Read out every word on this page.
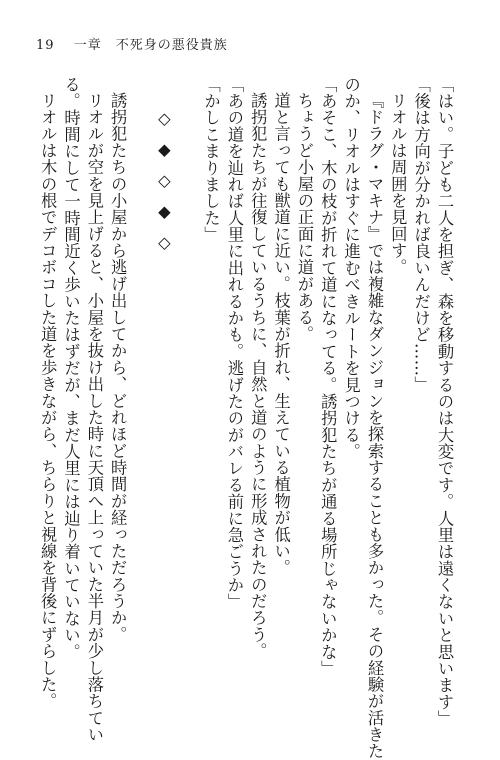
19 一章　不死身の悪役貴族
「はい。子ども二人を担ぎ、森を移動するのは大変です。人里は遠くないと思います」
「後は方向が分かれば良いんだけど……」
リオルは周囲を見回す。
『ドラグ・マキナ』では複雑なダンジョンを探索することも多かった。その経験が活きた
のか、リオルはすぐに進むべきルートを見つける。
「あそこ、木の枝が折れて道になってる。誘拐犯たちが通る場所じゃないかな」
ちょうど小屋の正面に道がある。
道と言っても獣道に近い。枝葉が折れ、生えている植物が低い。
誘拐犯たちが往復しているうちに、自然と道のように形成されたのだろう。
「あの道を辿れば人里に出れるかも。逃げたのがバレる前に急ごうか」
「かしこまりました」

◇◆◇◆◇

誘拐犯たちの小屋から逃げ出してから、どれほど時間が経っただろうか。
リオルが空を見上げると、小屋を抜け出した時に天頂へ上っていた半月が少し落ちてい
る。時間にして一時間近く歩いたはずだが、まだ人里には辿り着いていない。
リオルは木の根でデコボコした道を歩きながら、ちらりと視線を背後にずらした。
